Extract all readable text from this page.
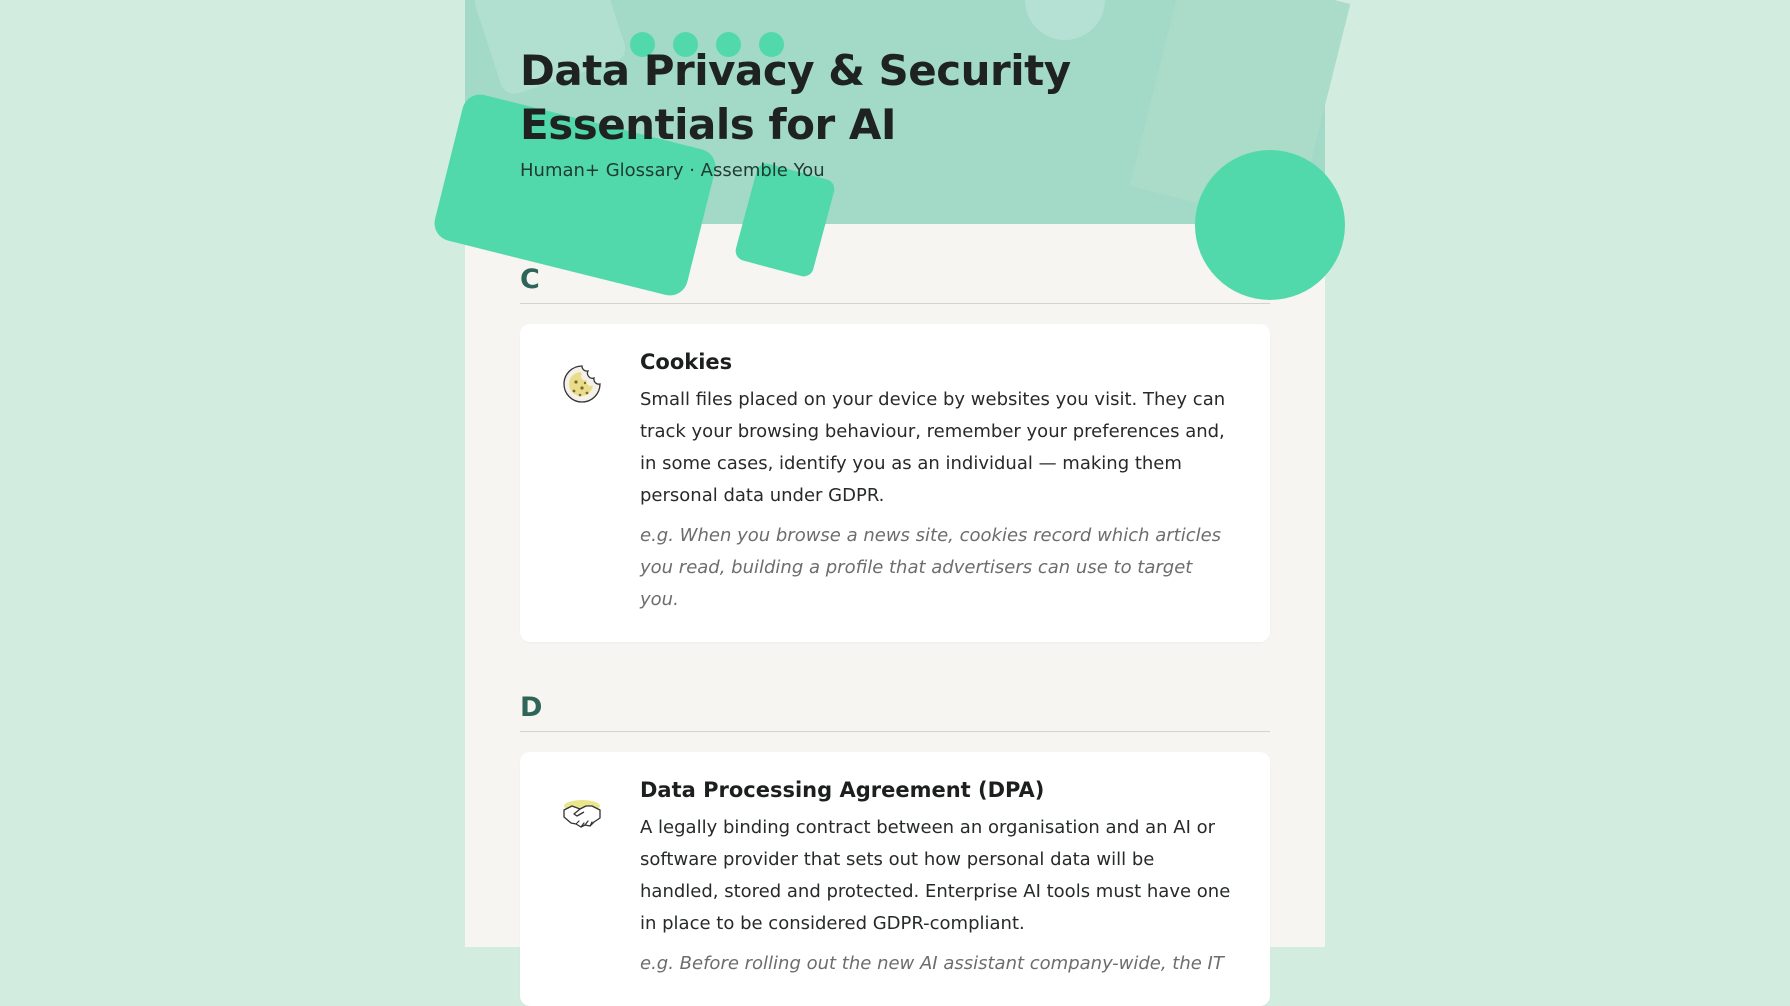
Data Privacy & Security Essentials for AI

Human+ Glossary · Assemble You

C
Cookies

Small files placed on your device by websites you visit. They can track your browsing behaviour, remember your preferences and, in some cases, identify you as an individual — making them personal data under GDPR.

e.g. When you browse a news site, cookies record which articles you read, building a profile that advertisers can use to target you.

D
Data Processing Agreement (DPA)

A legally binding contract between an organisation and an AI or software provider that sets out how personal data will be handled, stored and protected. Enterprise AI tools must have one in place to be considered GDPR-compliant.

e.g. Before rolling out the new AI assistant company-wide, the IT
